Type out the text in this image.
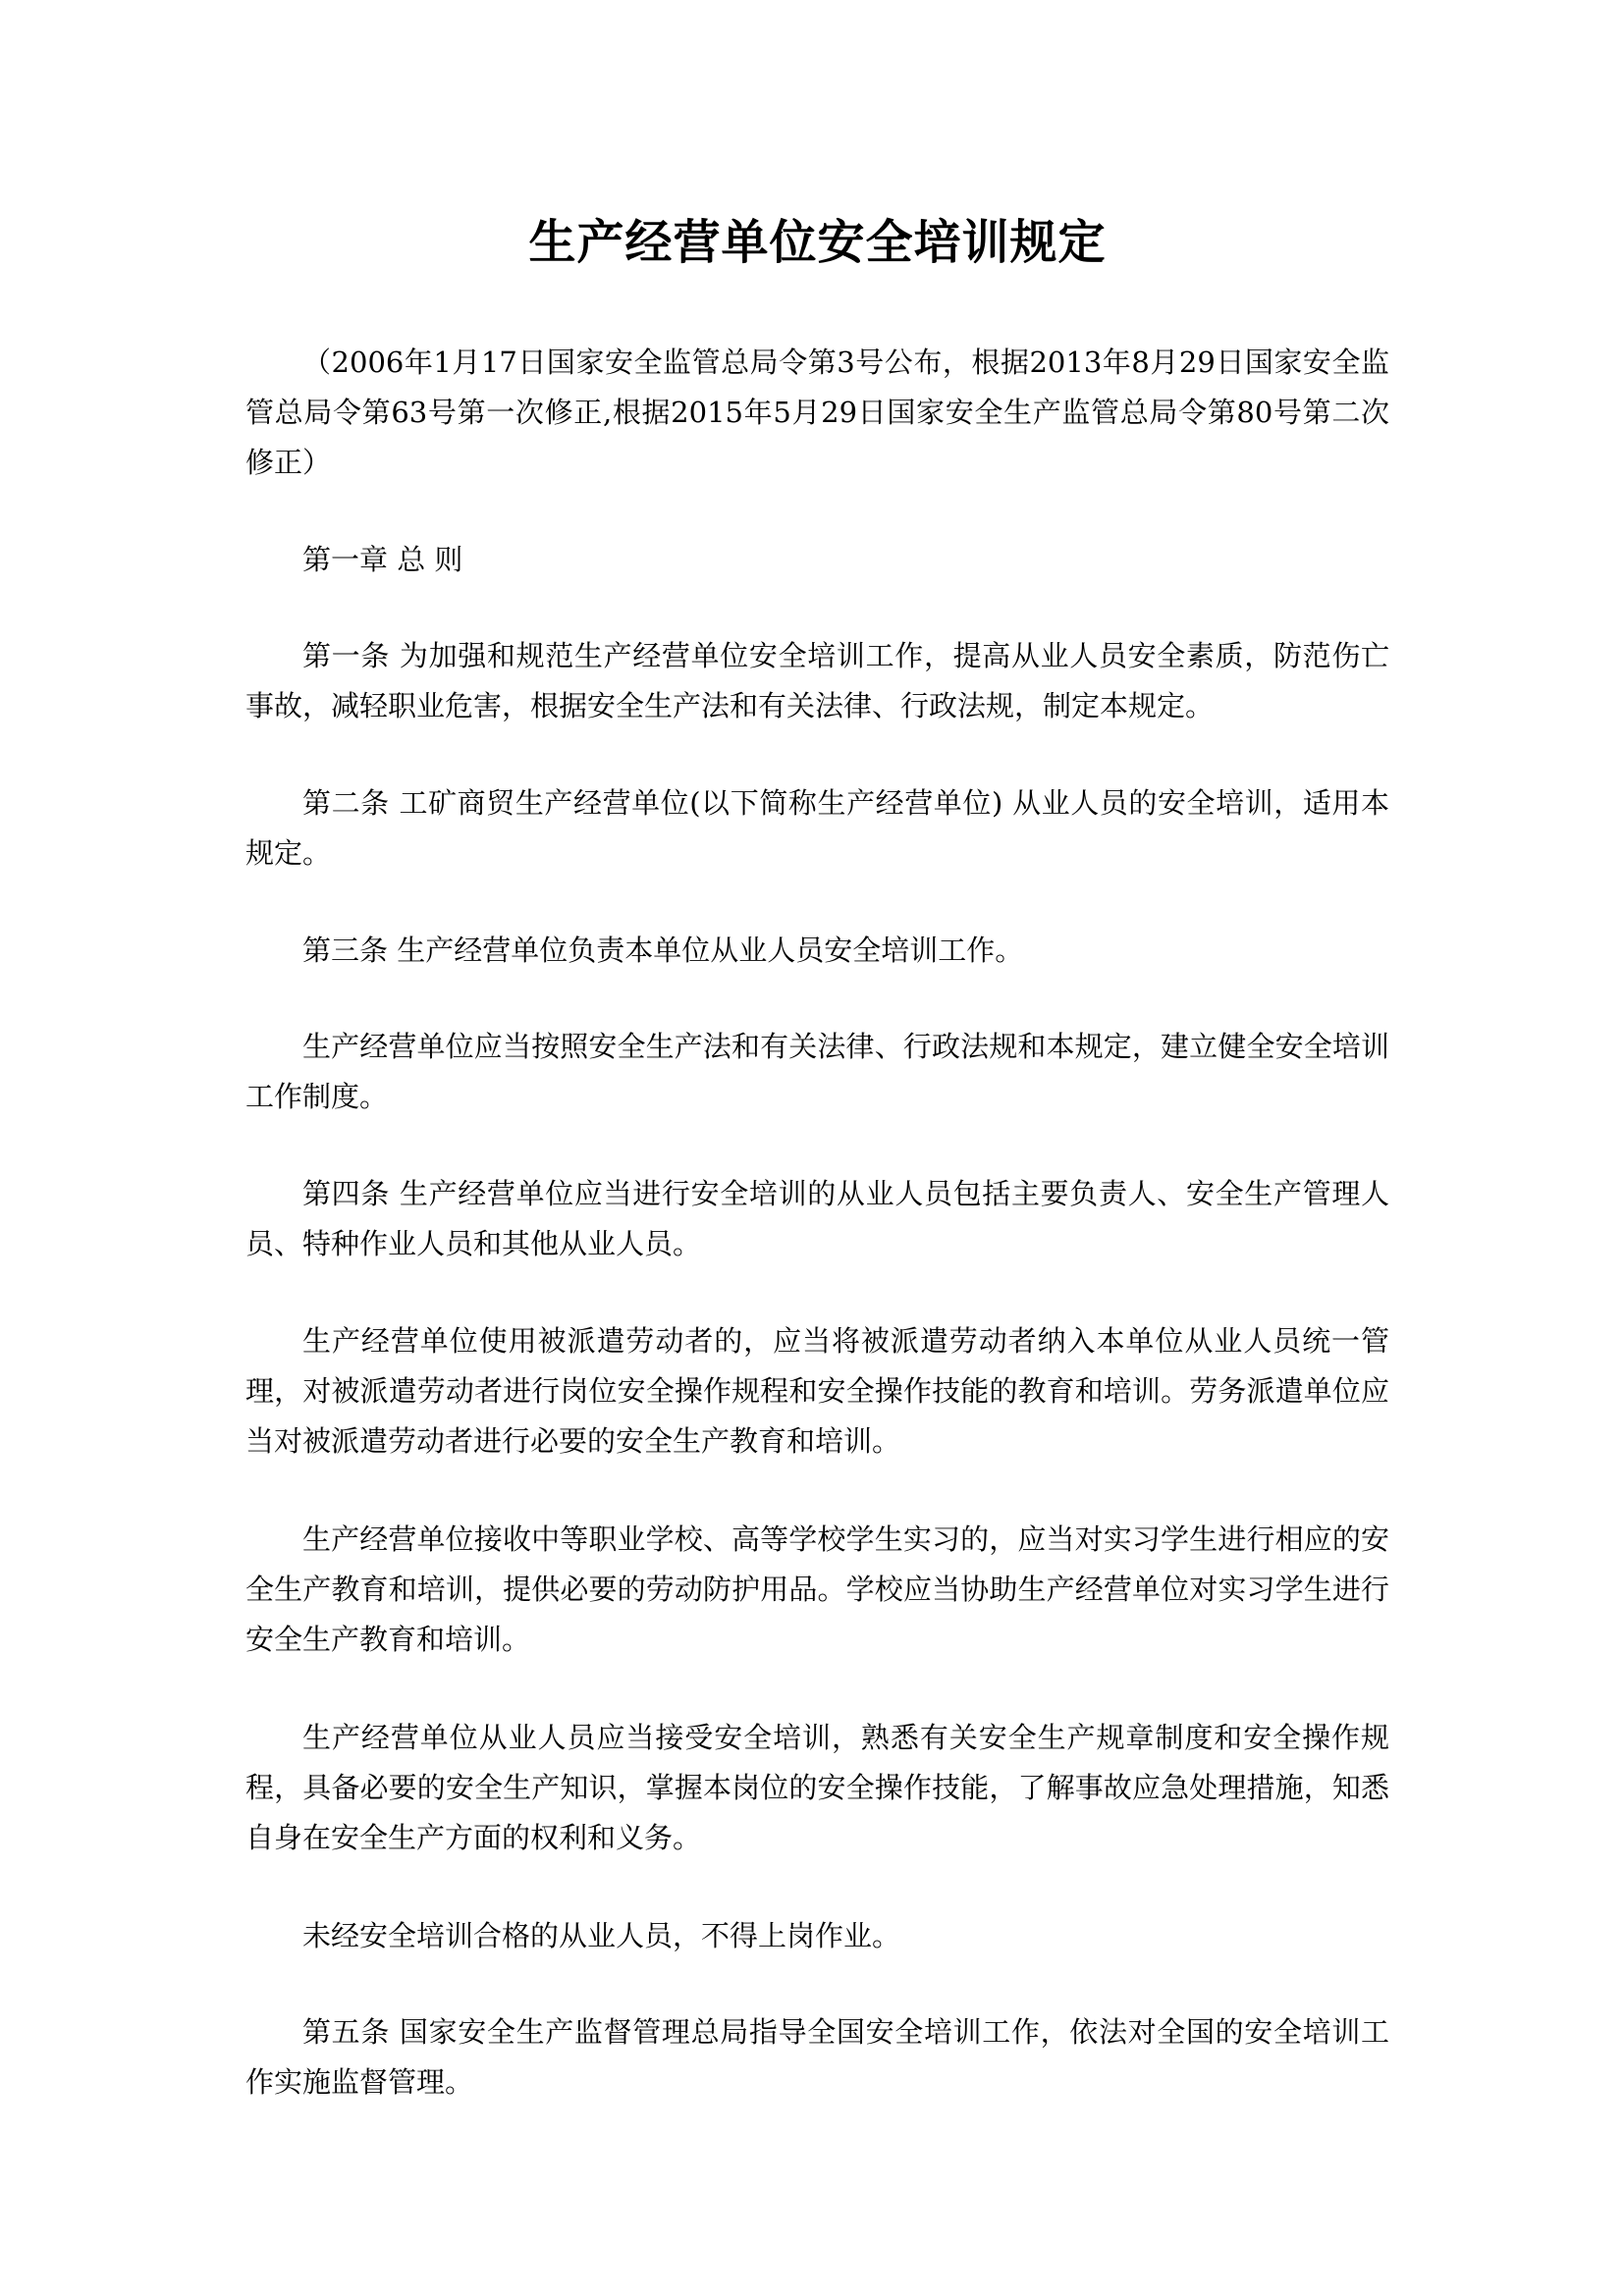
生产经营单位安全培训规定

（2006年1月17日国家安全监管总局令第3号公布，根据2013年8月29日国家安全监管总局令第63号第一次修正,根据2015年5月29日国家安全生产监管总局令第80号第二次修正）

第一章 总 则

第一条 为加强和规范生产经营单位安全培训工作，提高从业人员安全素质，防范伤亡事故，减轻职业危害，根据安全生产法和有关法律、行政法规，制定本规定。

第二条 工矿商贸生产经营单位(以下简称生产经营单位) 从业人员的安全培训，适用本规定。

第三条 生产经营单位负责本单位从业人员安全培训工作。

生产经营单位应当按照安全生产法和有关法律、行政法规和本规定，建立健全安全培训工作制度。

第四条 生产经营单位应当进行安全培训的从业人员包括主要负责人、安全生产管理人员、特种作业人员和其他从业人员。

生产经营单位使用被派遣劳动者的，应当将被派遣劳动者纳入本单位从业人员统一管理，对被派遣劳动者进行岗位安全操作规程和安全操作技能的教育和培训。劳务派遣单位应当对被派遣劳动者进行必要的安全生产教育和培训。

生产经营单位接收中等职业学校、高等学校学生实习的，应当对实习学生进行相应的安全生产教育和培训，提供必要的劳动防护用品。学校应当协助生产经营单位对实习学生进行安全生产教育和培训。

生产经营单位从业人员应当接受安全培训，熟悉有关安全生产规章制度和安全操作规程，具备必要的安全生产知识，掌握本岗位的安全操作技能，了解事故应急处理措施，知悉自身在安全生产方面的权利和义务。

未经安全培训合格的从业人员，不得上岗作业。

第五条 国家安全生产监督管理总局指导全国安全培训工作，依法对全国的安全培训工作实施监督管理。
